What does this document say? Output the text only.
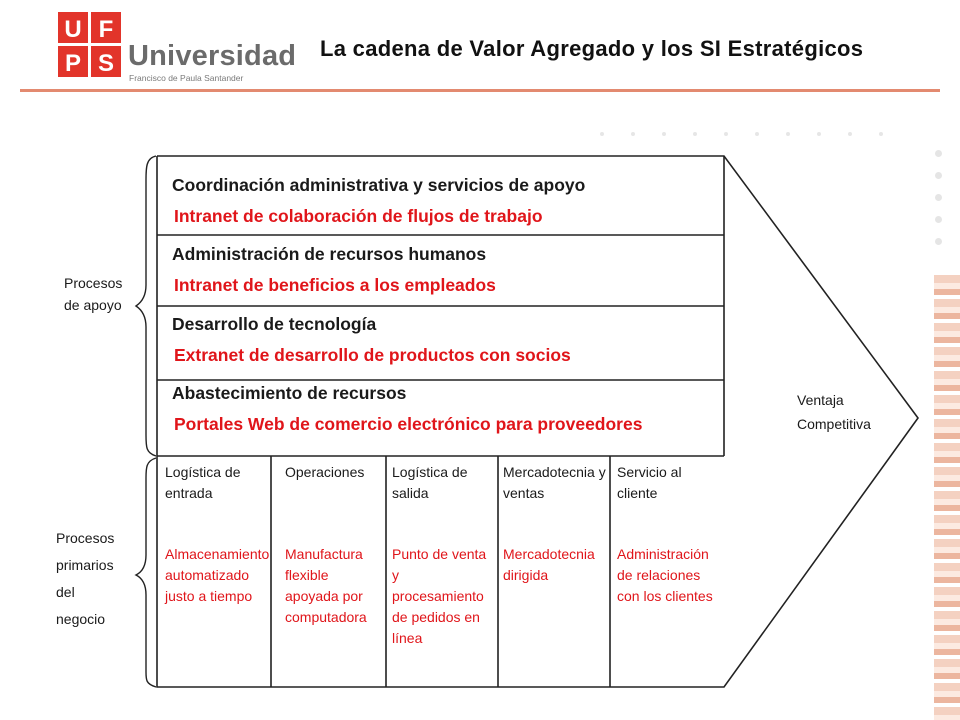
U F
P S Universidad
Francisco de Paula Santander
La cadena de Valor Agregado y los SI Estratégicos
Procesos
de apoyo
Procesos
primarios
del
negocio
Ventaja
Competitiva
Coordinación administrativa y servicios de apoyo
Intranet de colaboración de flujos de trabajo
Administración de recursos humanos
Intranet de beneficios a los empleados
Desarrollo de tecnología
Extranet de desarrollo de productos con socios
Abastecimiento de recursos
Portales Web de comercio electrónico para proveedores
Logística de entrada
Almacenamiento automatizado justo a tiempo
Operaciones
Manufactura flexible apoyada por computadora
Logística de salida
Punto de venta y procesamiento de pedidos en línea
Mercadotecnia y ventas
Mercadotecnia dirigida
Servicio al cliente
Administración de relaciones con los clientes
